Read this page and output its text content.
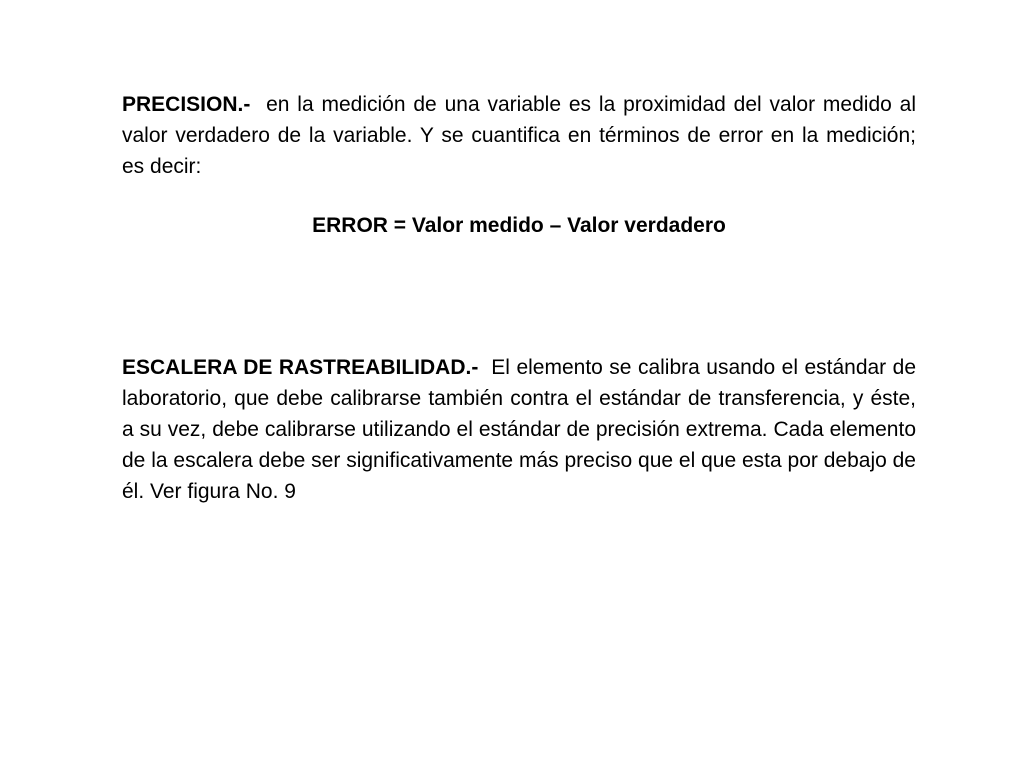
PRECISION.- en la medición de una variable es la proximidad del valor medido al valor verdadero de la variable. Y se cuantifica en términos de error en la medición; es decir:

ERROR = Valor medido – Valor verdadero

ESCALERA DE RASTREABILIDAD.- El elemento se calibra usando el estándar de laboratorio, que debe calibrarse también contra el estándar de transferencia, y éste, a su vez, debe calibrarse utilizando el estándar de precisión extrema. Cada elemento de la escalera debe ser significativamente más preciso que el que esta por debajo de él. Ver figura No. 9
